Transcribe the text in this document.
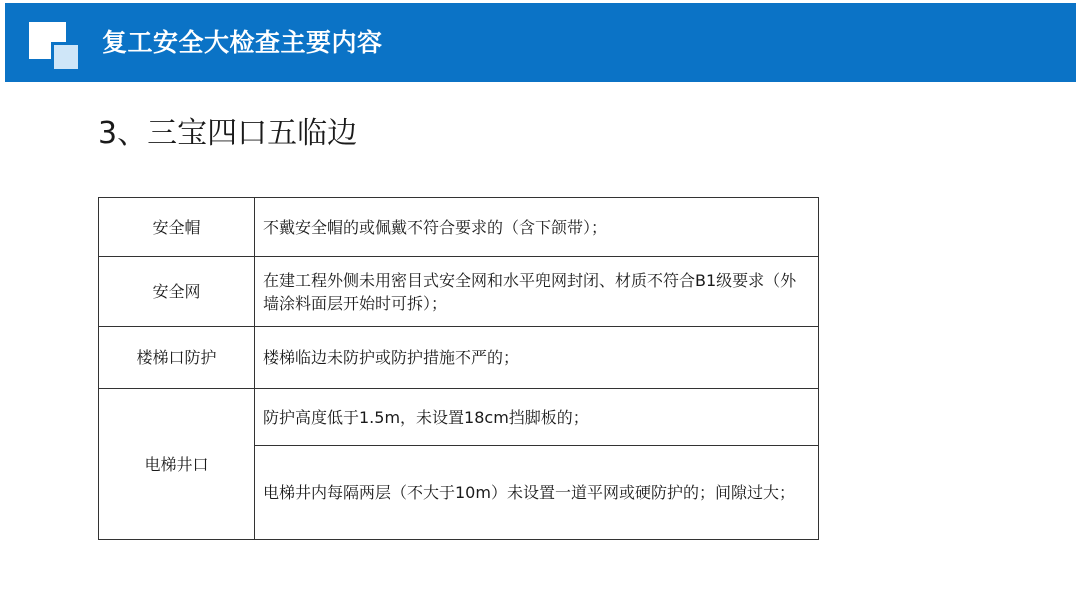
复工安全大检查主要内容
3、三宝四口五临边
安全帽	不戴安全帽的或佩戴不符合要求的（含下颌带）；
安全网	在建工程外侧未用密目式安全网和水平兜网封闭、材质不符合B1级要求（外墙涂料面层开始时可拆）；
楼梯口防护	楼梯临边未防护或防护措施不严的；
电梯井口	防护高度低于1.5m，未设置18cm挡脚板的；
	电梯井内每隔两层（不大于10m）未设置一道平网或硬防护的；间隙过大；
